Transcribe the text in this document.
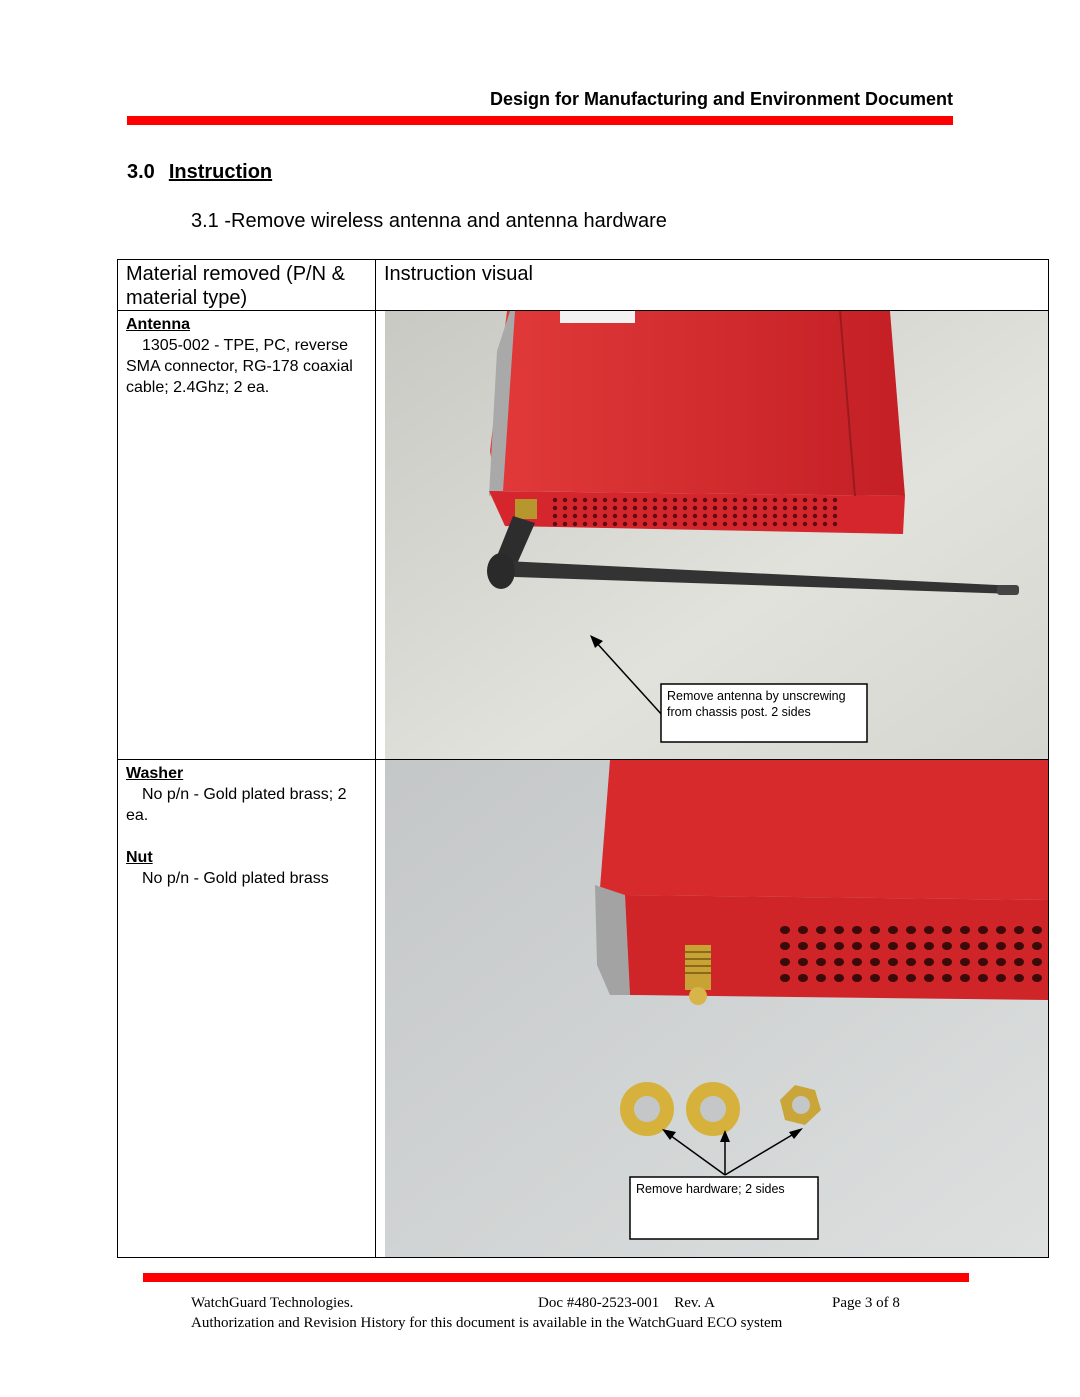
Design for Manufacturing and Environment Document
3.0 Instruction
3.1 -Remove wireless antenna and antenna hardware
Material removed (P/N & material type)	Instruction visual

Antenna
1305-002 - TPE, PC, reverse SMA connector, RG-178 coaxial cable; 2.4Ghz; 2 ea.	Remove antenna by unscrewing from chassis post. 2 sides

Washer
No p/n - Gold plated brass; 2 ea.
Nut
No p/n - Gold plated brass	Remove hardware; 2 sides
WatchGuard Technologies.	Doc #480-2523-001    Rev. A	Page 3 of 8
Authorization and Revision History for this document is available in the WatchGuard ECO system
